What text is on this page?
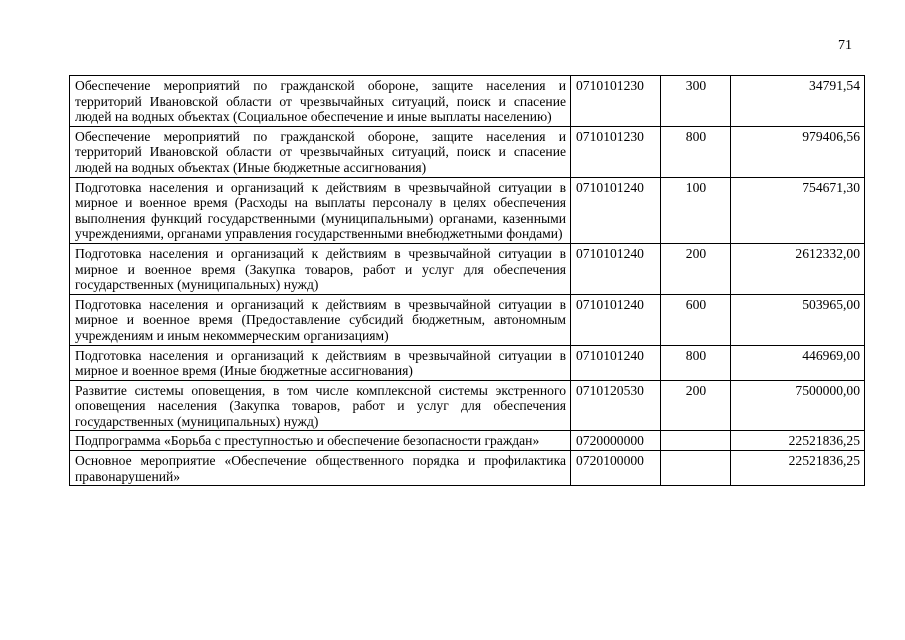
71
Обеспечение мероприятий по гражданской обороне, защите населения и территорий Ивановской области от чрезвычайных ситуаций, поиск и спасение людей на водных объектах (Социальное обеспечение и иные выплаты населению)	0710101230	300	34791,54
Обеспечение мероприятий по гражданской обороне, защите населения и территорий Ивановской области от чрезвычайных ситуаций, поиск и спасение людей на водных объектах (Иные бюджетные ассигнования)	0710101230	800	979406,56
Подготовка населения и организаций к действиям в чрезвычайной ситуации в мирное и военное время (Расходы на выплаты персоналу в целях обеспечения выполнения функций государственными (муниципальными) органами, казенными учреждениями, органами управления государственными внебюджетными фондами)	0710101240	100	754671,30
Подготовка населения и организаций к действиям в чрезвычайной ситуации в мирное и военное время (Закупка товаров, работ и услуг для обеспечения государственных (муниципальных) нужд)	0710101240	200	2612332,00
Подготовка населения и организаций к действиям в чрезвычайной ситуации в мирное и военное время (Предоставление субсидий бюджетным, автономным учреждениям и иным некоммерческим организациям)	0710101240	600	503965,00
Подготовка населения и организаций к действиям в чрезвычайной ситуации в мирное и военное время (Иные бюджетные ассигнования)	0710101240	800	446969,00
Развитие системы оповещения, в том числе комплексной системы экстренного оповещения населения (Закупка товаров, работ и услуг для обеспечения государственных (муниципальных) нужд)	0710120530	200	7500000,00
Подпрограмма «Борьба с преступностью и обеспечение безопасности граждан»	0720000000		22521836,25
Основное мероприятие «Обеспечение общественного порядка и профилактика правонарушений»	0720100000		22521836,25
